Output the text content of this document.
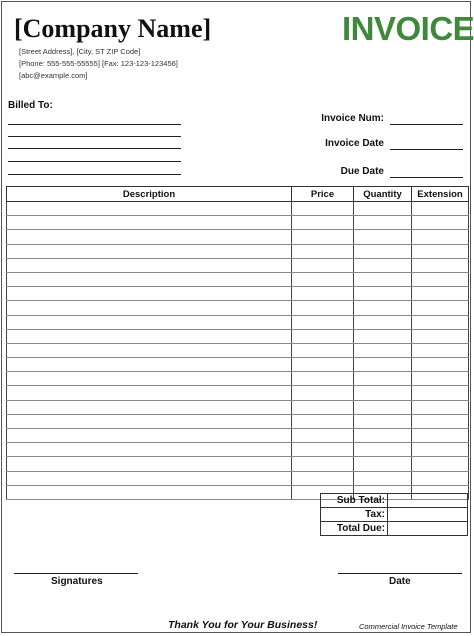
[Company Name]
[Street Address], [City, ST ZIP Code]
[Phone: 555-555-55555] [Fax: 123-123-123456]
[abc@example.com]
INVOICE
Billed To:
Invoice Num:
Invoice Date
Due Date
Description	Price	Quantity	Extension

Sub Total:	
Tax:	
Total Due:	
Signatures	Date
Thank You for Your Business!	Commercial Invoice Template
